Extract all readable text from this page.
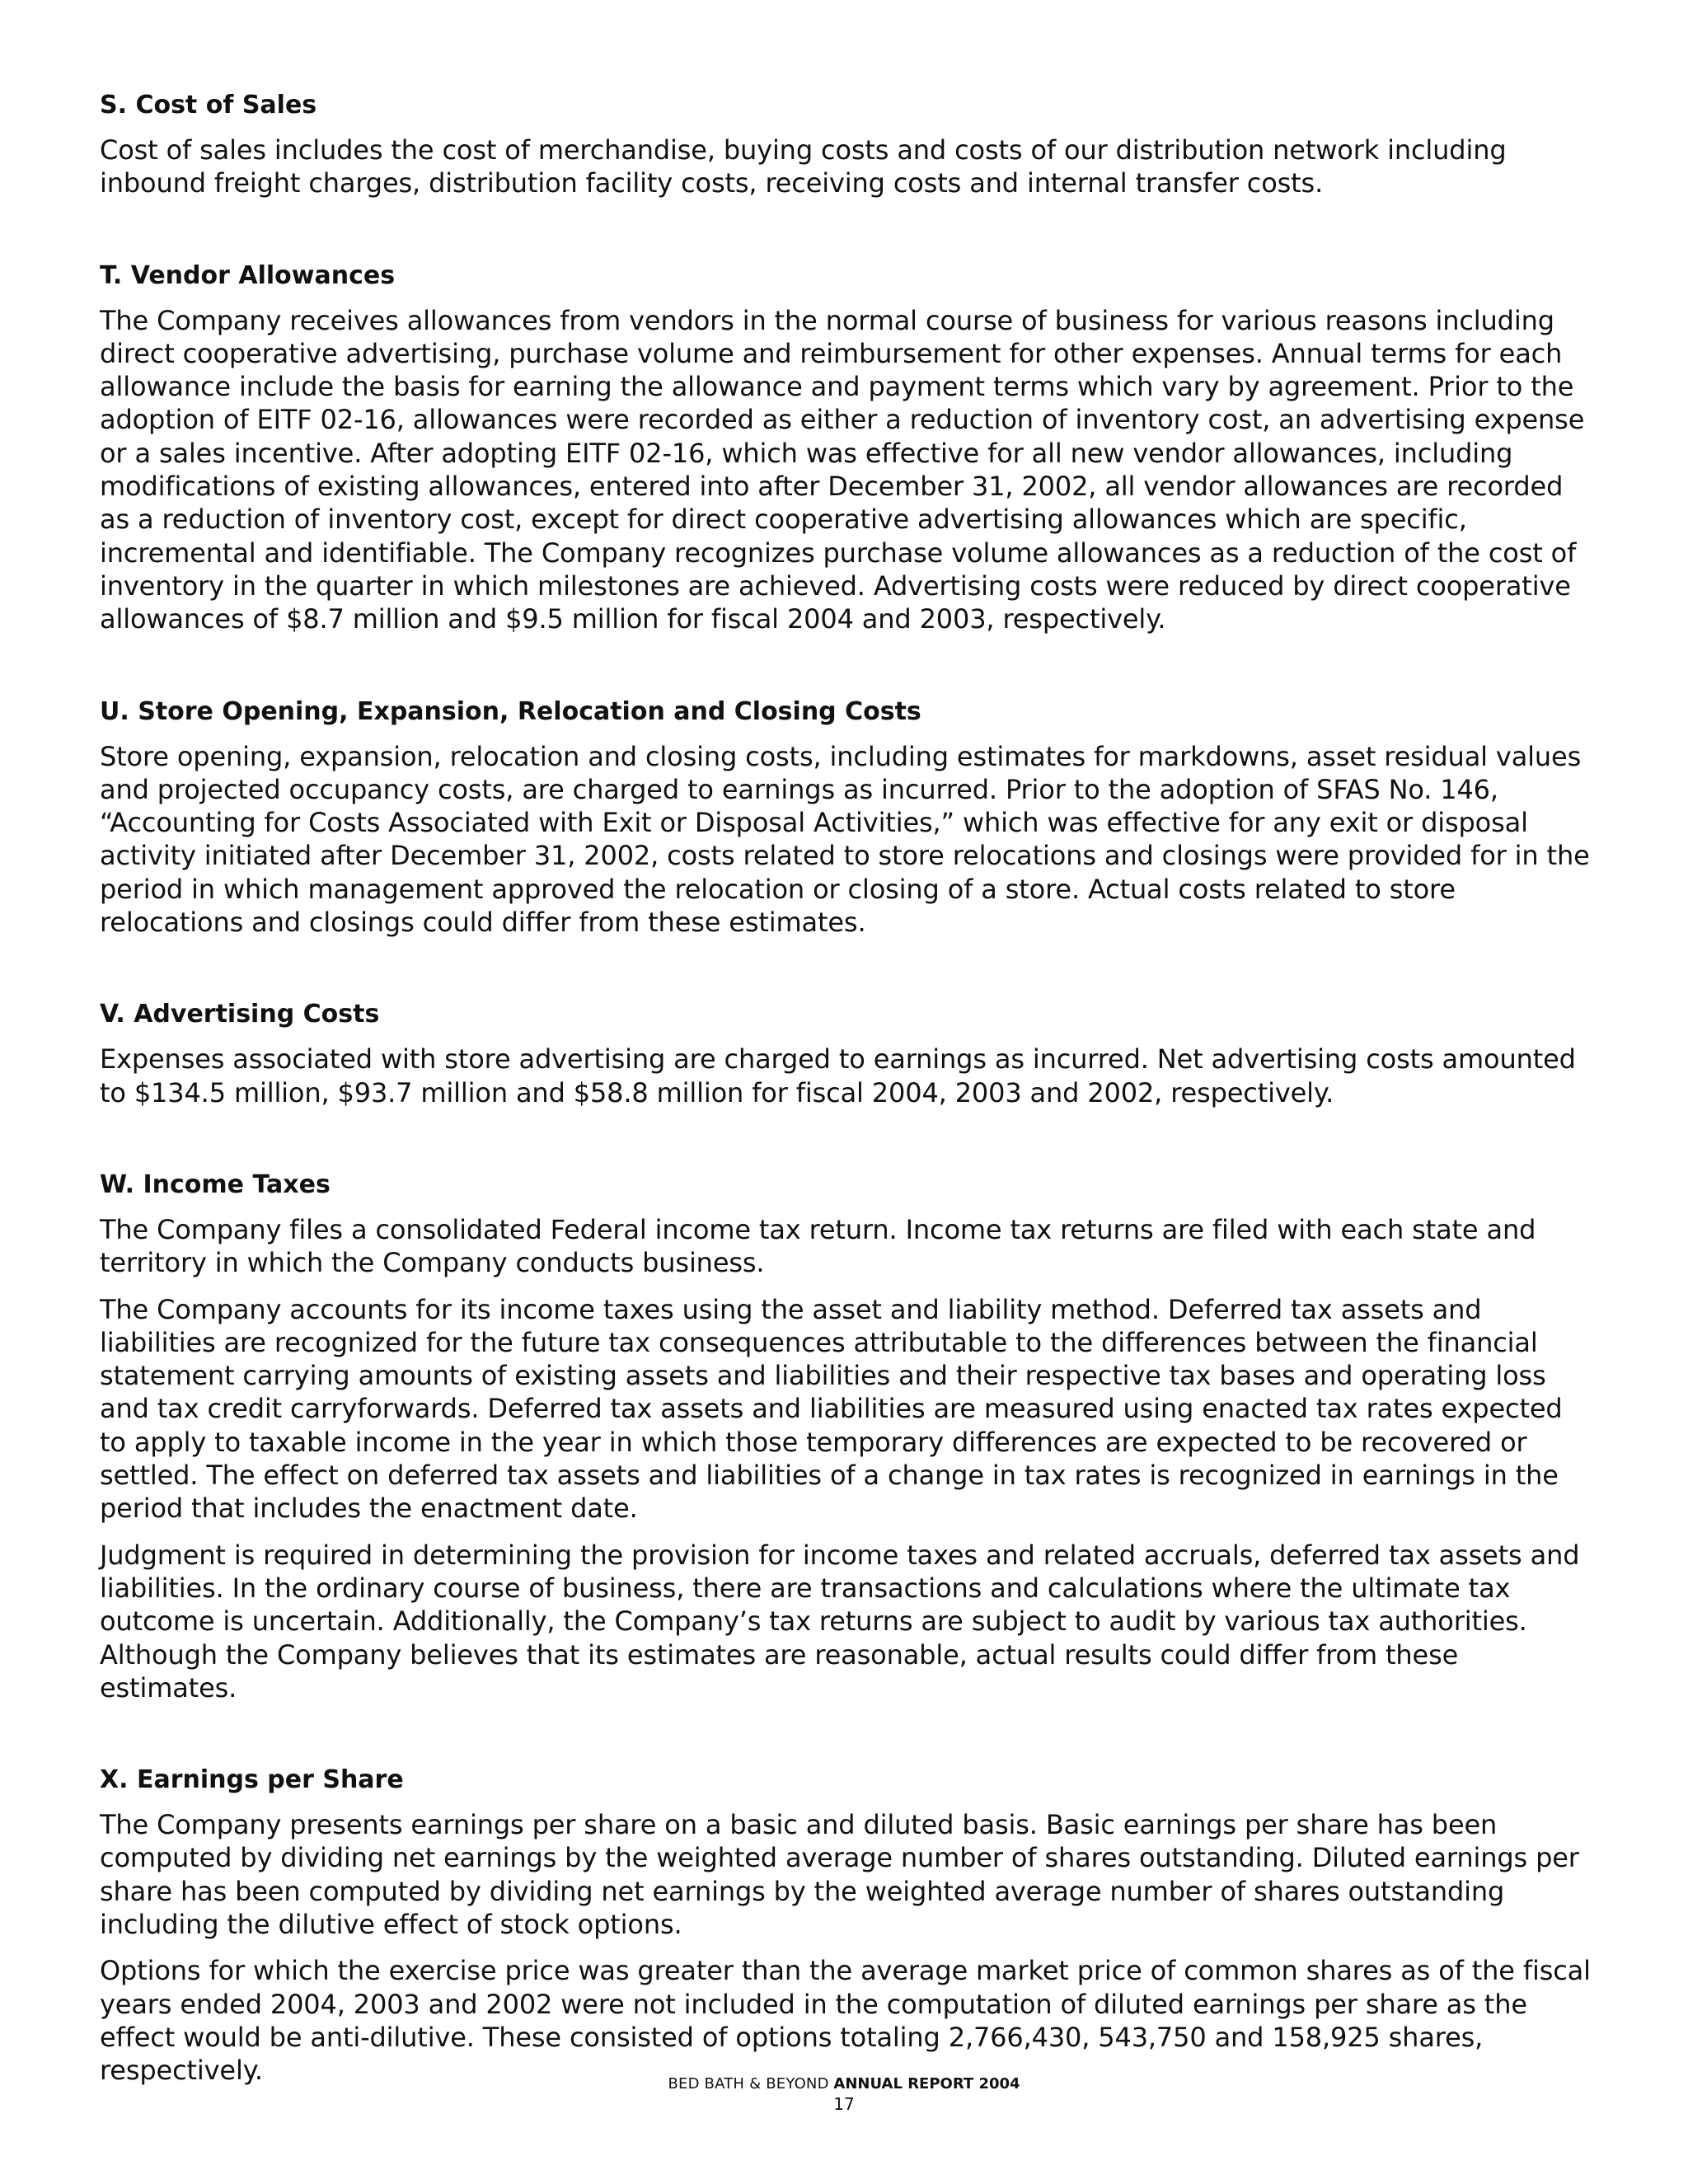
S. Cost of Sales

Cost of sales includes the cost of merchandise, buying costs and costs of our distribution network including inbound freight charges, distribution facility costs, receiving costs and internal transfer costs.

T. Vendor Allowances

The Company receives allowances from vendors in the normal course of business for various reasons including direct cooperative advertising, purchase volume and reimbursement for other expenses. Annual terms for each allowance include the basis for earning the allowance and payment terms which vary by agreement. Prior to the adoption of EITF 02-16, allowances were recorded as either a reduction of inventory cost, an advertising expense or a sales incentive. After adopting EITF 02-16, which was effective for all new vendor allowances, including modifications of existing allowances, entered into after December 31, 2002, all vendor allowances are recorded as a reduction of inventory cost, except for direct cooperative advertising allowances which are specific, incremental and identifiable. The Company recognizes purchase volume allowances as a reduction of the cost of inventory in the quarter in which milestones are achieved. Advertising costs were reduced by direct cooperative allowances of $8.7 million and $9.5 million for fiscal 2004 and 2003, respectively.

U. Store Opening, Expansion, Relocation and Closing Costs

Store opening, expansion, relocation and closing costs, including estimates for markdowns, asset residual values and projected occupancy costs, are charged to earnings as incurred. Prior to the adoption of SFAS No. 146, “Accounting for Costs Associated with Exit or Disposal Activities,” which was effective for any exit or disposal activity initiated after December 31, 2002, costs related to store relocations and closings were provided for in the period in which management approved the relocation or closing of a store. Actual costs related to store relocations and closings could differ from these estimates.

V. Advertising Costs

Expenses associated with store advertising are charged to earnings as incurred. Net advertising costs amounted to $134.5 million, $93.7 million and $58.8 million for fiscal 2004, 2003 and 2002, respectively.

W. Income Taxes

The Company files a consolidated Federal income tax return. Income tax returns are filed with each state and territory in which the Company conducts business.

The Company accounts for its income taxes using the asset and liability method. Deferred tax assets and liabilities are recognized for the future tax consequences attributable to the differences between the financial statement carrying amounts of existing assets and liabilities and their respective tax bases and operating loss and tax credit carryforwards. Deferred tax assets and liabilities are measured using enacted tax rates expected to apply to taxable income in the year in which those temporary differences are expected to be recovered or settled. The effect on deferred tax assets and liabilities of a change in tax rates is recognized in earnings in the period that includes the enactment date.

Judgment is required in determining the provision for income taxes and related accruals, deferred tax assets and liabilities. In the ordinary course of business, there are transactions and calculations where the ultimate tax outcome is uncertain. Additionally, the Company’s tax returns are subject to audit by various tax authorities. Although the Company believes that its estimates are reasonable, actual results could differ from these estimates.

X. Earnings per Share

The Company presents earnings per share on a basic and diluted basis. Basic earnings per share has been computed by dividing net earnings by the weighted average number of shares outstanding. Diluted earnings per share has been computed by dividing net earnings by the weighted average number of shares outstanding including the dilutive effect of stock options.

Options for which the exercise price was greater than the average market price of common shares as of the fiscal years ended 2004, 2003 and 2002 were not included in the computation of diluted earnings per share as the effect would be anti-dilutive. These consisted of options totaling 2,766,430, 543,750 and 158,925 shares, respectively.	BED BATH & BEYOND ANNUAL REPORT 2004
17
